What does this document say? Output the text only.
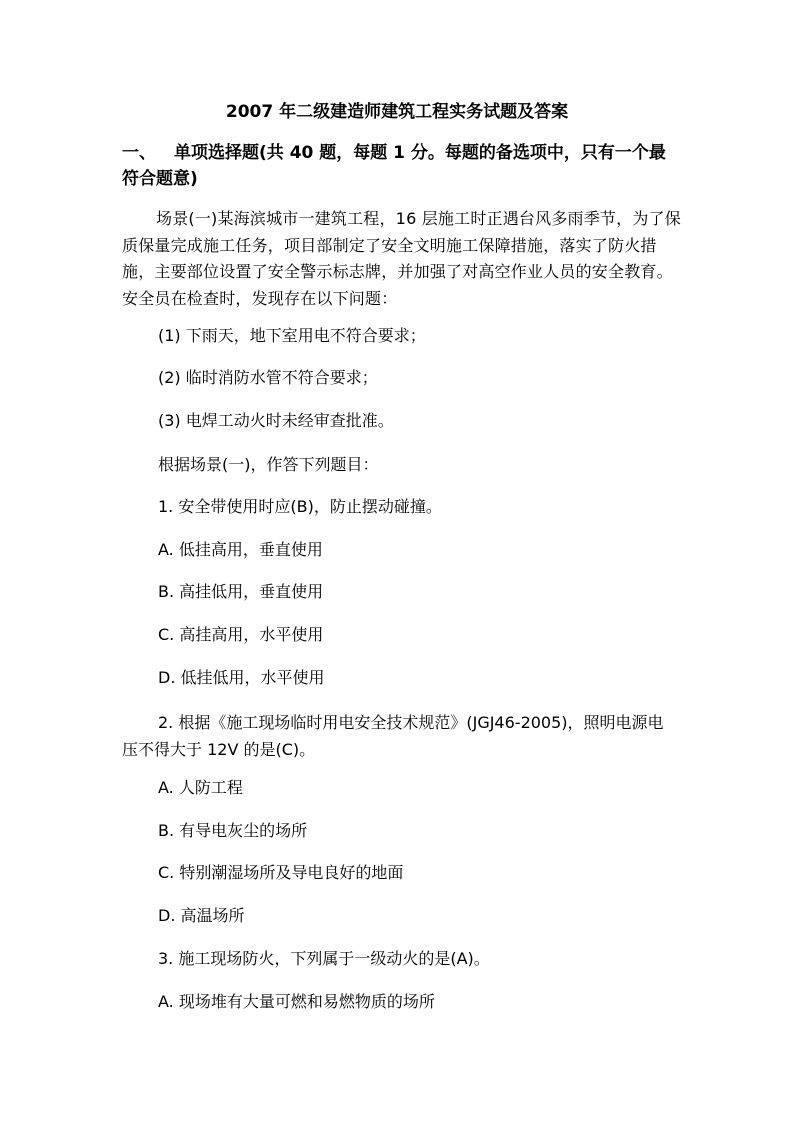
2007 年二级建造师建筑工程实务试题及答案
一、 单项选择题(共 40 题，每题 1 分。每题的备选项中，只有一个最符合题意)
场景(一)某海滨城市一建筑工程，16 层施工时正遇台风多雨季节，为了保质保量完成施工任务，项目部制定了安全文明施工保障措施，落实了防火措施，主要部位设置了安全警示标志牌，并加强了对高空作业人员的安全教育。安全员在检查时，发现存在以下问题：
(1) 下雨天，地下室用电不符合要求；
(2) 临时消防水管不符合要求；
(3) 电焊工动火时未经审查批准。
根据场景(一)，作答下列题目：
1. 安全带使用时应(B)，防止摆动碰撞。
A. 低挂高用，垂直使用
B. 高挂低用，垂直使用
C. 高挂高用，水平使用
D. 低挂低用，水平使用
2. 根据《施工现场临时用电安全技术规范》(JGJ46-2005)，照明电源电压不得大于 12V 的是(C)。
A. 人防工程
B. 有导电灰尘的场所
C. 特别潮湿场所及导电良好的地面
D. 高温场所
3. 施工现场防火，下列属于一级动火的是(A)。
A. 现场堆有大量可燃和易燃物质的场所
